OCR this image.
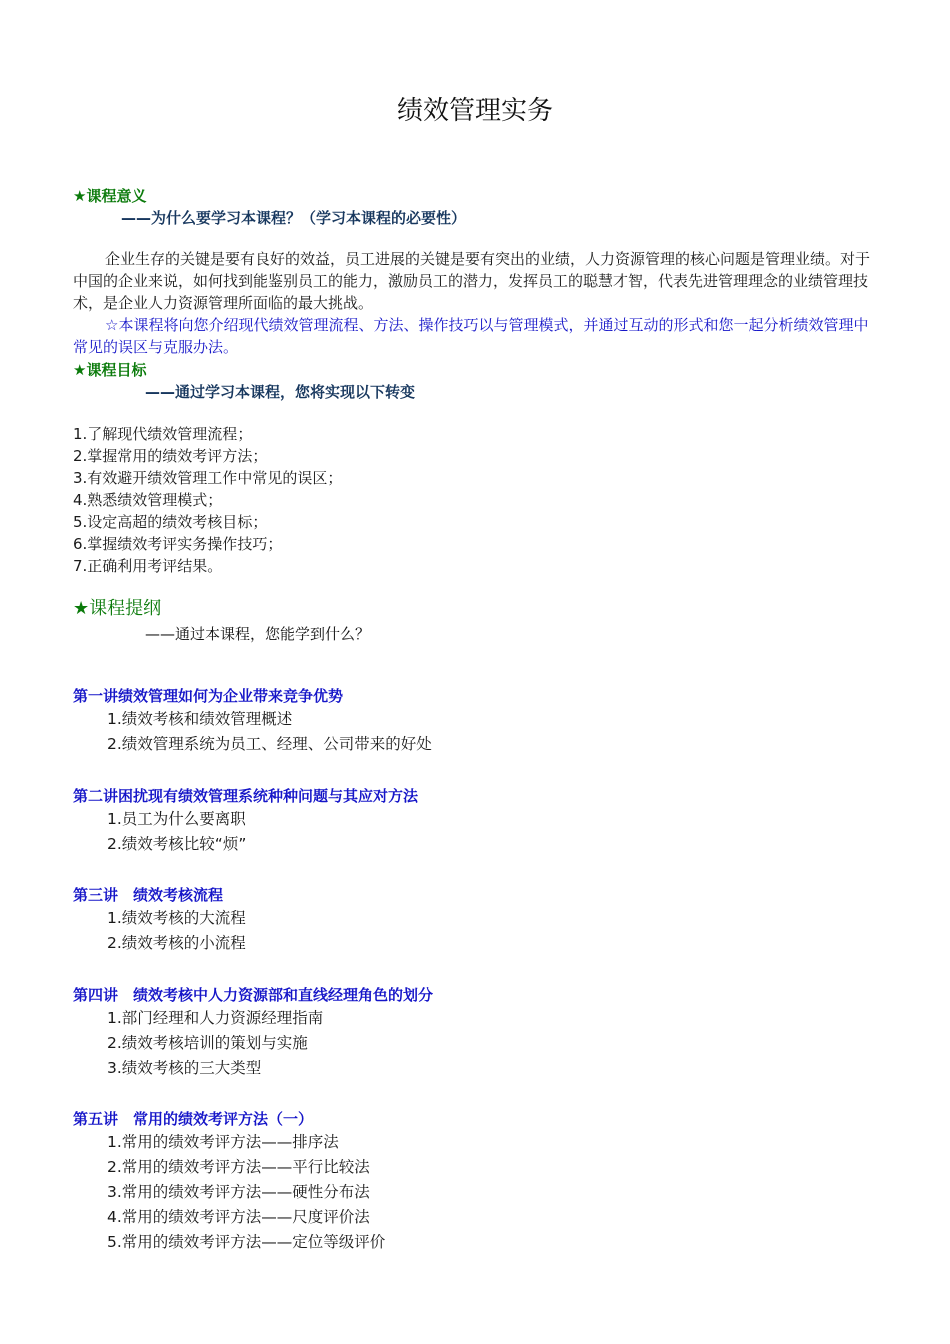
绩效管理实务
★课程意义
——为什么要学习本课程？（学习本课程的必要性）
企业生存的关键是要有良好的效益，员工进展的关键是要有突出的业绩，人力资源管理的核心问题是管理业绩。对于中国的企业来说，如何找到能鉴别员工的能力，激励员工的潜力，发挥员工的聪慧才智，代表先进管理理念的业绩管理技术，是企业人力资源管理所面临的最大挑战。
☆本课程将向您介绍现代绩效管理流程、方法、操作技巧以与管理模式，并通过互动的形式和您一起分析绩效管理中常见的误区与克服办法。
★课程目标
——通过学习本课程，您将实现以下转变
1.了解现代绩效管理流程；
2.掌握常用的绩效考评方法；
3.有效避开绩效管理工作中常见的误区；
4.熟悉绩效管理模式；
5.设定高超的绩效考核目标；
6.掌握绩效考评实务操作技巧；
7.正确利用考评结果。
★课程提纲
——通过本课程，您能学到什么？
第一讲绩效管理如何为企业带来竞争优势
1.绩效考核和绩效管理概述
2.绩效管理系统为员工、经理、公司带来的好处
第二讲困扰现有绩效管理系统种种问题与其应对方法
1.员工为什么要离职
2.绩效考核比较“烦”
第三讲　绩效考核流程
1.绩效考核的大流程
2.绩效考核的小流程
第四讲　绩效考核中人力资源部和直线经理角色的划分
1.部门经理和人力资源经理指南
2.绩效考核培训的策划与实施
3.绩效考核的三大类型
第五讲　常用的绩效考评方法（一）
1.常用的绩效考评方法——排序法
2.常用的绩效考评方法——平行比较法
3.常用的绩效考评方法——硬性分布法
4.常用的绩效考评方法——尺度评价法
5.常用的绩效考评方法——定位等级评价
